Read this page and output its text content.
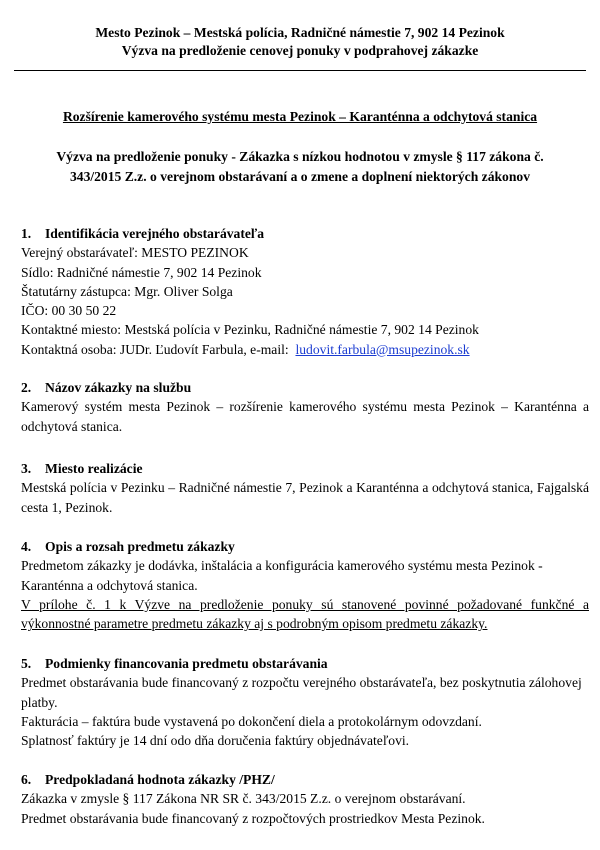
Mesto Pezinok – Mestská polícia, Radničné námestie 7, 902 14 Pezinok
Výzva na predloženie cenovej ponuky v podprahovej zákazke
Rozšírenie kamerového systému mesta Pezinok – Karanténna a odchytová stanica
Výzva na predloženie ponuky - Zákazka s nízkou hodnotou v zmysle § 117 zákona č. 343/2015 Z.z. o verejnom obstarávaní a o zmene a doplnení niektorých zákonov
1. Identifikácia verejného obstarávateľa
Verejný obstarávateľ: MESTO PEZINOK
Sídlo: Radničné námestie 7, 902 14 Pezinok
Štatutárny zástupca: Mgr. Oliver Solga
IČO: 00 30 50 22
Kontaktné miesto: Mestská polícia v Pezinku, Radničné námestie 7, 902 14 Pezinok
Kontaktná osoba: JUDr. Ľudovít Farbula, e-mail: ludovit.farbula@msupezinok.sk
2. Názov zákazky na službu
Kamerový systém mesta Pezinok – rozšírenie kamerového systému mesta Pezinok – Karanténna a odchytová stanica.
3. Miesto realizácie
Mestská polícia v Pezinku – Radničné námestie 7, Pezinok a Karanténna a odchytová stanica, Fajgalská cesta 1, Pezinok.
4. Opis a rozsah predmetu zákazky
Predmetom zákazky je dodávka, inštalácia a konfigurácia kamerového systému mesta Pezinok - Karanténna a odchytová stanica.
V prílohe č. 1 k Výzve na predloženie ponuky sú stanovené povinné požadované funkčné a výkonnostné parametre predmetu zákazky aj s podrobným opisom predmetu zákazky.
5. Podmienky financovania predmetu obstarávania
Predmet obstarávania bude financovaný z rozpočtu verejného obstarávateľa, bez poskytnutia zálohovej platby.
Fakturácia – faktúra bude vystavená po dokončení diela a protokolárnym odovzdaní.
Splatnosť faktúry je 14 dní odo dňa doručenia faktúry objednávateľovi.
6. Predpokladaná hodnota zákazky /PHZ/
Zákazka v zmysle § 117 Zákona NR SR č. 343/2015 Z.z. o verejnom obstarávaní.
Predmet obstarávania bude financovaný z rozpočtových prostriedkov Mesta Pezinok.
